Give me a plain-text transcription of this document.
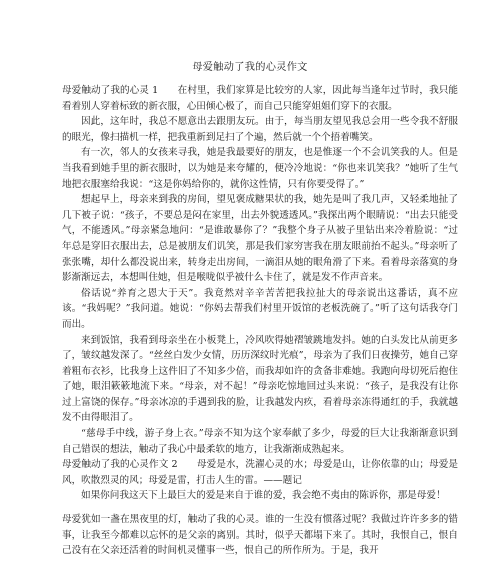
母爱触动了我的心灵作文

母爱触动了我的心灵 1　　在村里，我们家算是比较穷的人家，因此每当逢年过节时，我只能看着别人穿着标致的新衣服，心田倾心极了，而自己只能穿姐姐们穿下的衣服。

因此，这年时，我总不愿意出去跟朋友玩。由于，每当朋友望见我总会用一些令我不舒服的眼光，像扫描机一样，把我重新到足扫了个遍，然后就一个个捂着嘴笑。

有一次，邻人的女孩来寻我，她是我最要好的朋友，也是惟逐一个不会讥笑我的人。但是当我看到她手里的新衣服时，以为她是来夸耀的，便冷冷地说：“你也来讥笑我？”她听了生气地把衣服塞给我说：“这是你妈给你的，就你这性情，只有你要受得了。”

想起早上，母亲来到我的房间，望见褒成糖果状的我，她先是叫了我几声，又轻柔地扯了几下被子说：“孩子，不要总是闷在家里，出去外貌透透风。”我探出两个眼睛说：“出去只能受气，不能透风。”母亲紧急地问：“是谁敢暴你了？”我整个身子从被子里钻出来冷着脸说：“过年总是穿旧衣服出去，总是被朋友们讥笑，那是我们家穷害我在朋友眼前抬不起头。”母亲听了张张嘴，却什么都没说出来，转身走出房间，一滴泪从她的眼角滑了下来。看着母亲落寞的身影渐渐远去，本想叫住她，但是喉咙似乎被什么卡住了，就是发不作声音来。

俗话说“养育之恩大于天”。我竟然对辛辛苦苦把我拉扯大的母亲说出这番话，真不应该。“我妈呢？”我问道。她说：“你妈去帮我们村里开饭馆的老板洗碗了。”听了这句话我夺门而出。

来到饭馆，我看到母亲坐在小板凳上，冷风吹得她褶皱跳地发抖。她的白头发比从前更多了，皱纹越发深了。“丝丝白发少女情，历历深纹时光痕”，母亲为了我们日夜操劳，她自己穿着粗布衣衫，比我身上这件旧了不知多少倍，而我却如许的贪备非难她。我跑向母切死后抱住了她，眼泪簌簌地流下来。“母亲，对不起！”母亲吃惊地回过头来说：“孩子，是我没有让你过上富饶的保存。”母亲冰凉的手遇到我的脸，让我越发内疚，看着母亲冻得通红的手，我就越发不由得眼泪了。

“慈母手中线，游子身上衣。”母亲不知为这个家奉献了多少，母爱的巨大让我渐渐意识到自己错误的想法，触动了我心中最柔软的地方，让我渐渐成熟起来。

母爱触动了我的心灵作文 2　　母爱是水，洗濯心灵的水；母爱是山，让你依靠的山；母爱是风，吹散烈灵的风；母爱是雷，打击人生的雷。——题记

如果你问我这天下上最巨大的爱是来自于谁的爱，我会绝不夷由的陈诉你，那是母爱！

母爱犹如一盏在黑夜里的灯，触动了我的心灵。谁的一生没有惯落过呢？我做过许许多多的错事，让我至今都难以忘怀的是父亲的离别。其时，似乎天都塌下来了。其时，我恨自己，恨自己没有在父亲还活着的时间机灵懂事一些，恨自己的所作所为。于是，我开
